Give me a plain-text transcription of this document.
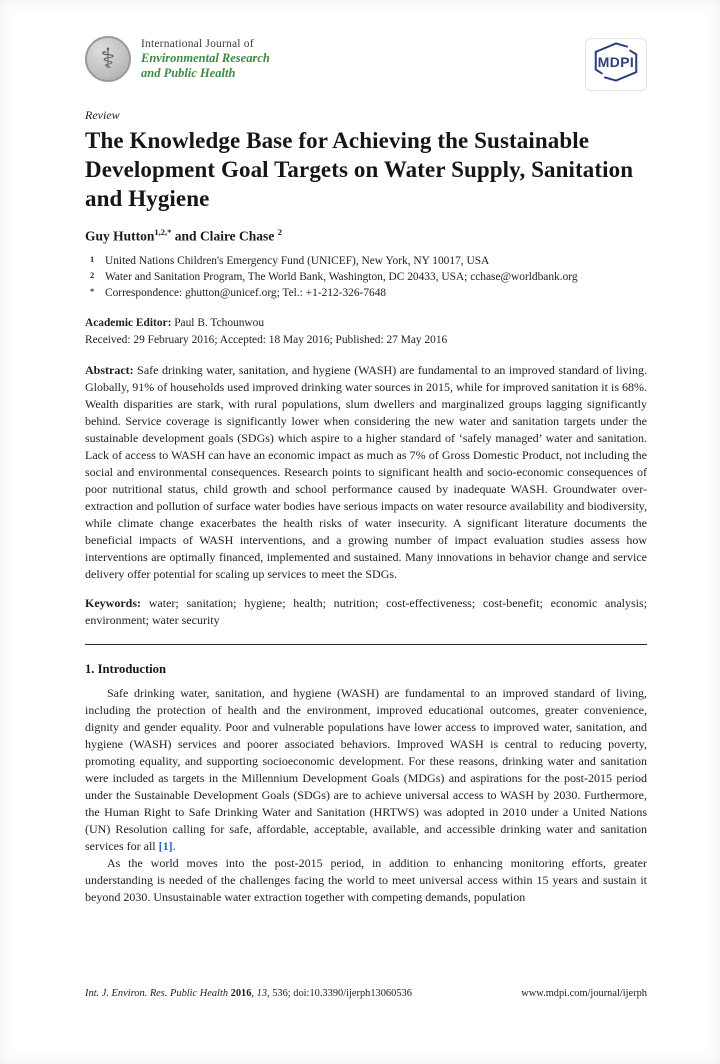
⚕ International Journal of
Environmental Research
and Public Health
MDPI
Review
The Knowledge Base for Achieving the Sustainable Development Goal Targets on Water Supply, Sanitation and Hygiene
Guy Hutton$^{1,2,*}$ and Claire Chase $^2$
1 United Nations Children's Emergency Fund (UNICEF), New York, NY 10017, USA
2 Water and Sanitation Program, The World Bank, Washington, DC 20433, USA; cchase@worldbank.org
* Correspondence: ghutton@unicef.org; Tel.: +1-212-326-7648
Academic Editor: Paul B. Tchounwou
Received: 29 February 2016; Accepted: 18 May 2016; Published: 27 May 2016
Abstract: Safe drinking water, sanitation, and hygiene (WASH) are fundamental to an improved standard of living. Globally, 91% of households used improved drinking water sources in 2015, while for improved sanitation it is 68%. Wealth disparities are stark, with rural populations, slum dwellers and marginalized groups lagging significantly behind. Service coverage is significantly lower when considering the new water and sanitation targets under the sustainable development goals (SDGs) which aspire to a higher standard of ‘safely managed’ water and sanitation. Lack of access to WASH can have an economic impact as much as 7% of Gross Domestic Product, not including the social and environmental consequences. Research points to significant health and socio-economic consequences of poor nutritional status, child growth and school performance caused by inadequate WASH. Groundwater over-extraction and pollution of surface water bodies have serious impacts on water resource availability and biodiversity, while climate change exacerbates the health risks of water insecurity. A significant literature documents the beneficial impacts of WASH interventions, and a growing number of impact evaluation studies assess how interventions are optimally financed, implemented and sustained. Many innovations in behavior change and service delivery offer potential for scaling up services to meet the SDGs.
Keywords: water; sanitation; hygiene; health; nutrition; cost-effectiveness; cost-benefit; economic analysis; environment; water security
1. Introduction
Safe drinking water, sanitation, and hygiene (WASH) are fundamental to an improved standard of living, including the protection of health and the environment, improved educational outcomes, greater convenience, dignity and gender equality. Poor and vulnerable populations have lower access to improved water, sanitation, and hygiene (WASH) services and poorer associated behaviors. Improved WASH is central to reducing poverty, promoting equality, and supporting socioeconomic development. For these reasons, drinking water and sanitation were included as targets in the Millennium Development Goals (MDGs) and aspirations for the post-2015 period under the Sustainable Development Goals (SDGs) are to achieve universal access to WASH by 2030. Furthermore, the Human Right to Safe Drinking Water and Sanitation (HRTWS) was adopted in 2010 under a United Nations (UN) Resolution calling for safe, affordable, acceptable, available, and accessible drinking water and sanitation services for all [1].
As the world moves into the post-2015 period, in addition to enhancing monitoring efforts, greater understanding is needed of the challenges facing the world to meet universal access within 15 years and sustain it beyond 2030. Unsustainable water extraction together with competing demands, population
Int. J. Environ. Res. Public Health 2016, 13, 536; doi:10.3390/ijerph13060536	www.mdpi.com/journal/ijerph
